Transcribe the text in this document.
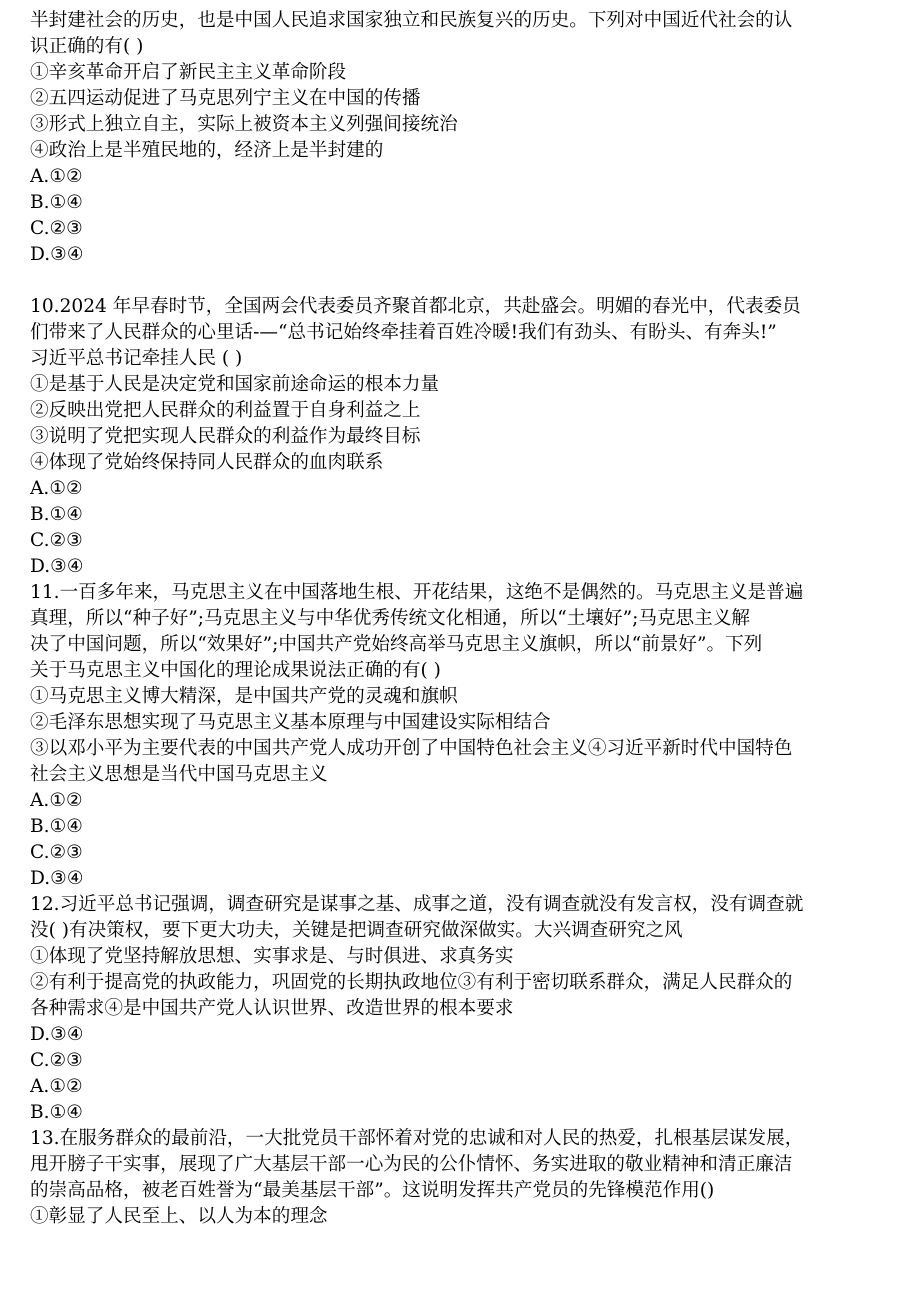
半封建社会的历史，也是中国人民追求国家独立和民族复兴的历史。下列对中国近代社会的认
识正确的有( )
①辛亥革命开启了新民主主义革命阶段
②五四运动促进了马克思列宁主义在中国的传播
③形式上独立自主，实际上被资本主义列强间接统治
④政治上是半殖民地的，经济上是半封建的
A.①②
B.①④
C.②③
D.③④
10.2024 年早春时节，全国两会代表委员齐聚首都北京，共赴盛会。明媚的春光中，代表委员
们带来了人民群众的心里话-—“总书记始终牵挂着百姓冷暖!我们有劲头、有盼头、有奔头!”
习近平总书记牵挂人民 ( )
①是基于人民是决定党和国家前途命运的根本力量
②反映出党把人民群众的利益置于自身利益之上
③说明了党把实现人民群众的利益作为最终目标
④体现了党始终保持同人民群众的血肉联系
A.①②
B.①④
C.②③
D.③④
11.一百多年来，马克思主义在中国落地生根、开花结果，这绝不是偶然的。马克思主义是普遍
真理，所以“种子好”;马克思主义与中华优秀传统文化相通，所以“土壤好”;马克思主义解
决了中国问题，所以“效果好”;中国共产党始终高举马克思主义旗帜，所以“前景好”。下列
关于马克思主义中国化的理论成果说法正确的有( )
①马克思主义博大精深，是中国共产党的灵魂和旗帜
②毛泽东思想实现了马克思主义基本原理与中国建设实际相结合
③以邓小平为主要代表的中国共产党人成功开创了中国特色社会主义④习近平新时代中国特色
社会主义思想是当代中国马克思主义
A.①②
B.①④
C.②③
D.③④
12.习近平总书记强调，调查研究是谋事之基、成事之道，没有调查就没有发言权，没有调查就
没( )有决策权，要下更大功夫，关键是把调查研究做深做实。大兴调查研究之风
①体现了党坚持解放思想、实事求是、与时俱进、求真务实
②有利于提高党的执政能力，巩固党的长期执政地位③有利于密切联系群众，满足人民群众的
各种需求④是中国共产党人认识世界、改造世界的根本要求
D.③④
C.②③
A.①②
B.①④
13.在服务群众的最前沿，一大批党员干部怀着对党的忠诚和对人民的热爱，扎根基层谋发展，
甩开膀子干实事，展现了广大基层干部一心为民的公仆情怀、务实进取的敬业精神和清正廉洁
的崇高品格，被老百姓誉为“最美基层干部”。这说明发挥共产党员的先锋模范作用()
①彰显了人民至上、以人为本的理念
